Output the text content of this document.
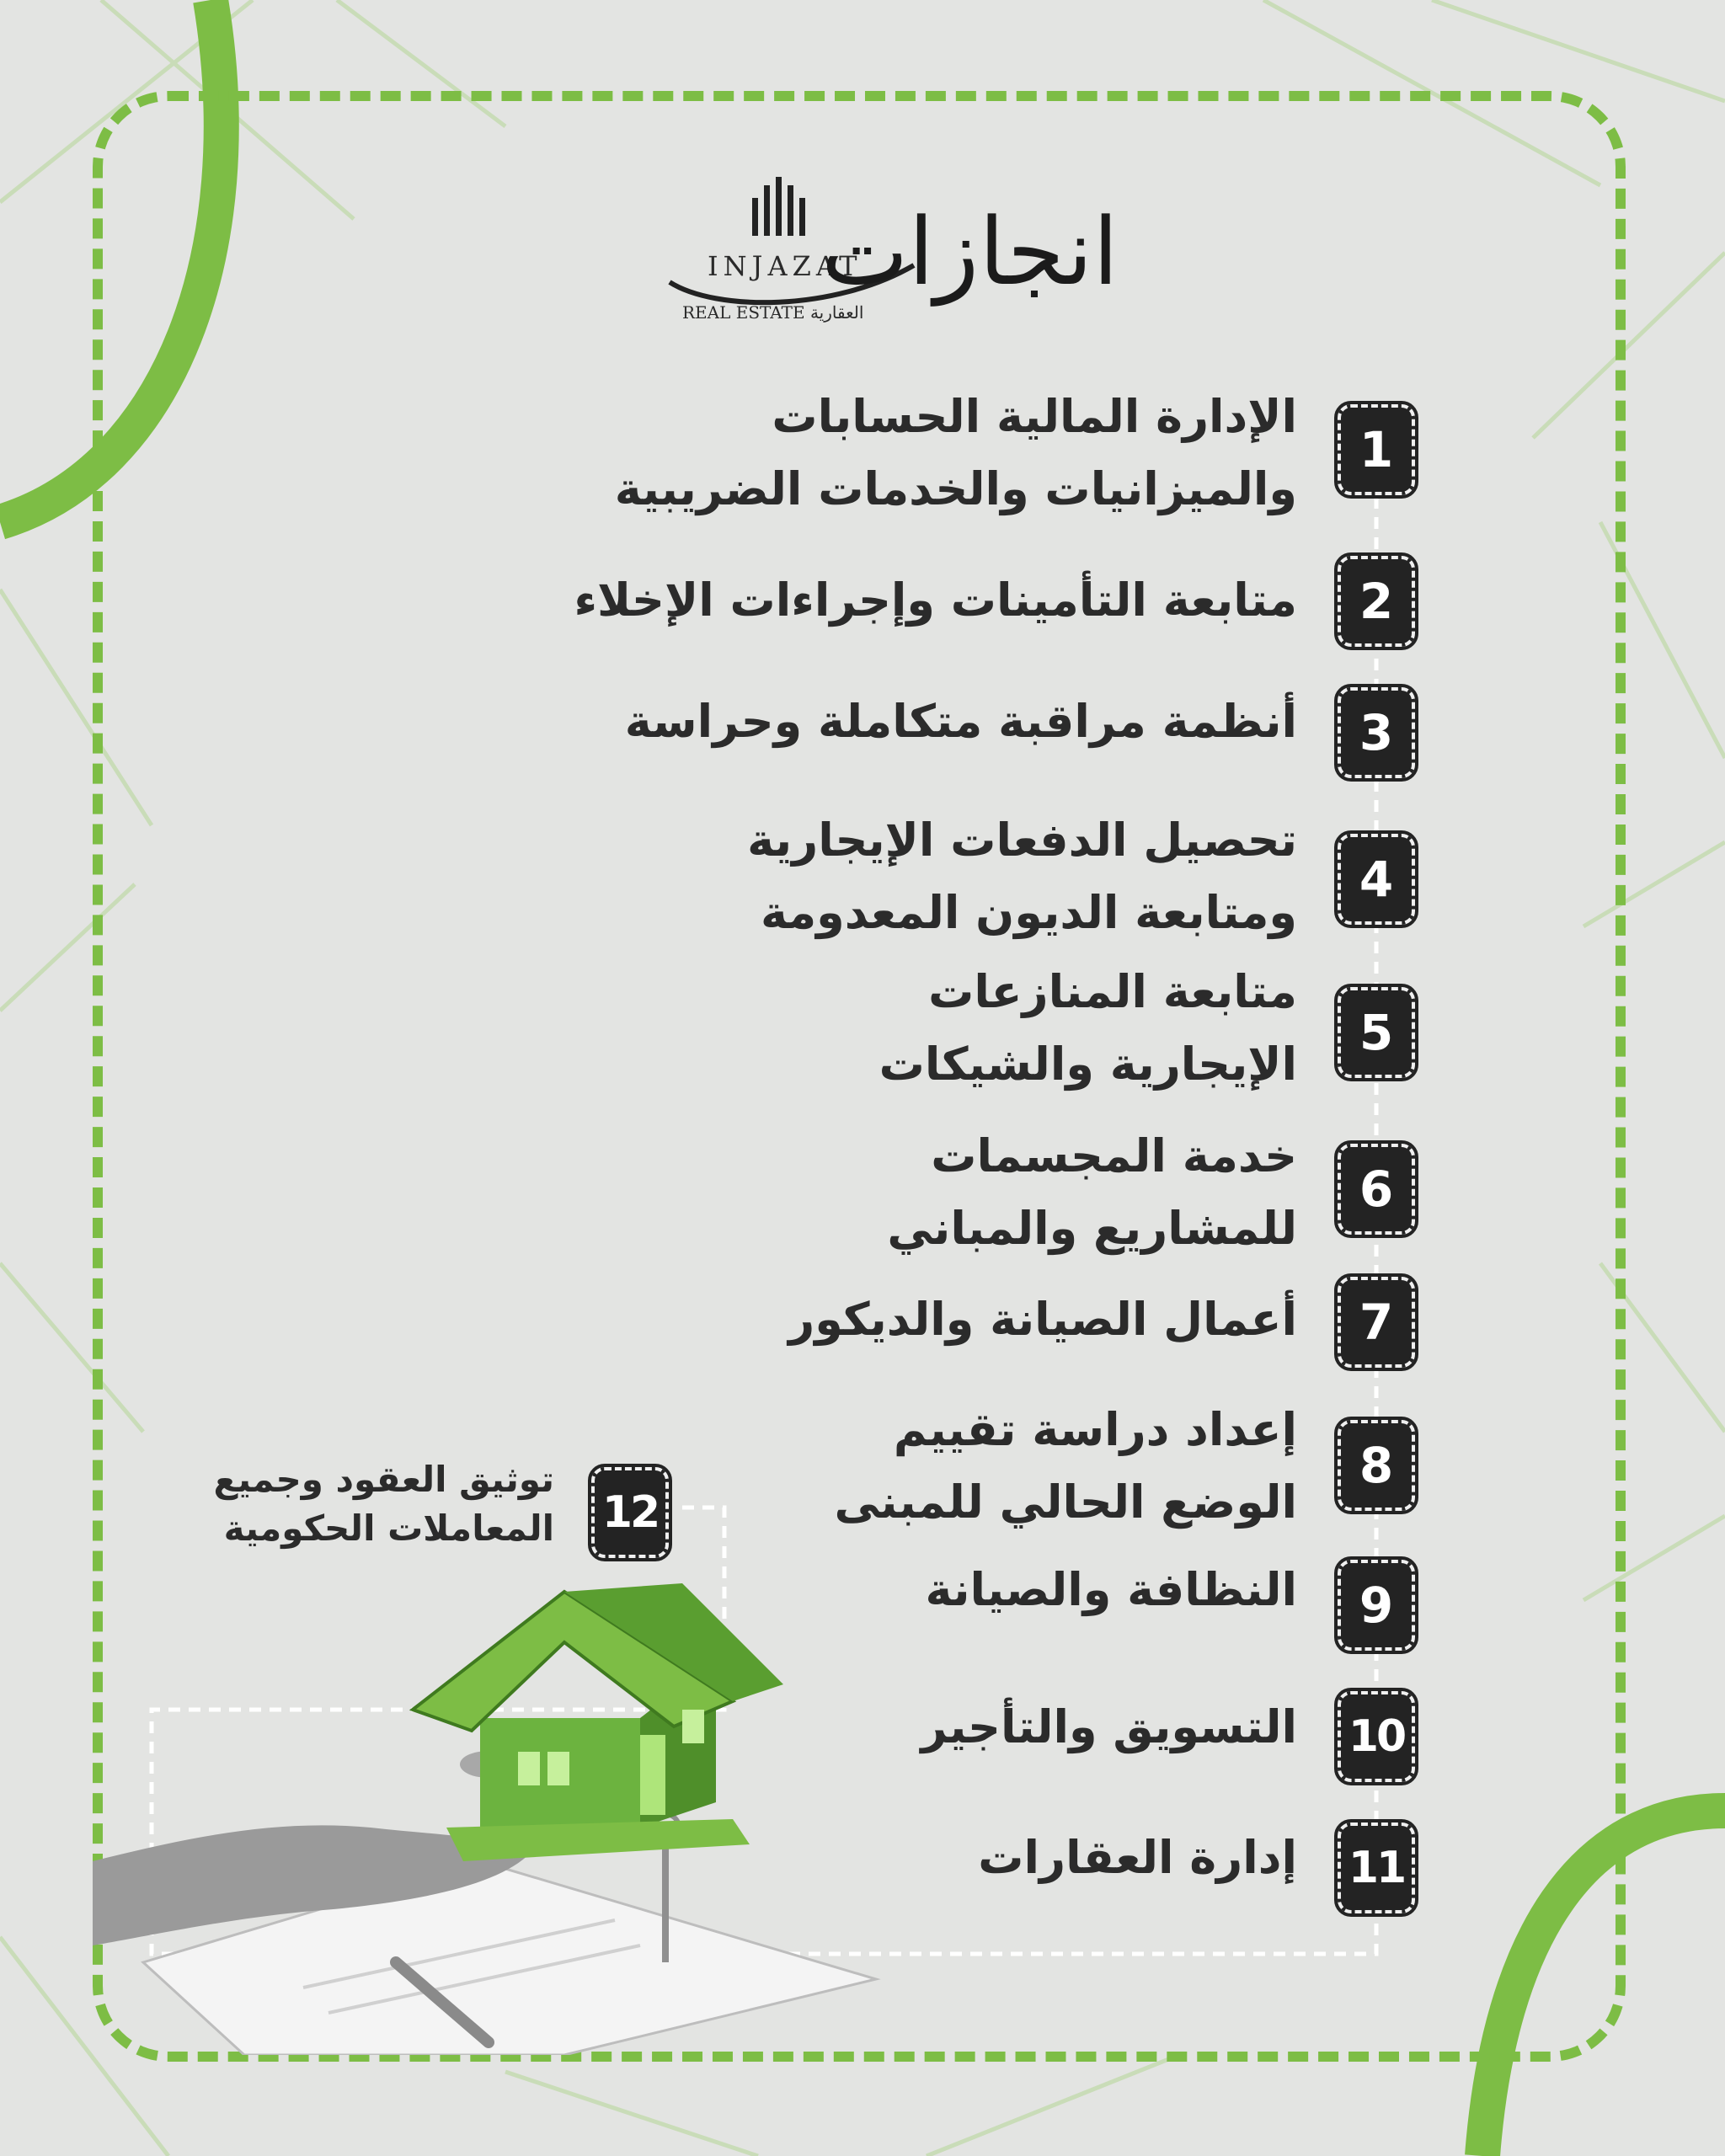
INJAZAT
REAL ESTATE العقارية
انجازات
1
2
3
4
5
6
7
8
9
10
11
12
الإدارة المالية الحسابات
والميزانيات والخدمات الضريبية
متابعة التأمينات وإجراءات الإخلاء
أنظمة مراقبة متكاملة وحراسة
تحصيل الدفعات الإيجارية
ومتابعة الديون المعدومة
متابعة المنازعات
الإيجارية والشيكات
خدمة المجسمات
للمشاريع والمباني
أعمال الصيانة والديكور
إعداد دراسة تقييم
الوضع الحالي للمبنى
النظافة والصيانة
التسويق والتأجير
إدارة العقارات
توثيق العقود وجميع
المعاملات الحكومية
